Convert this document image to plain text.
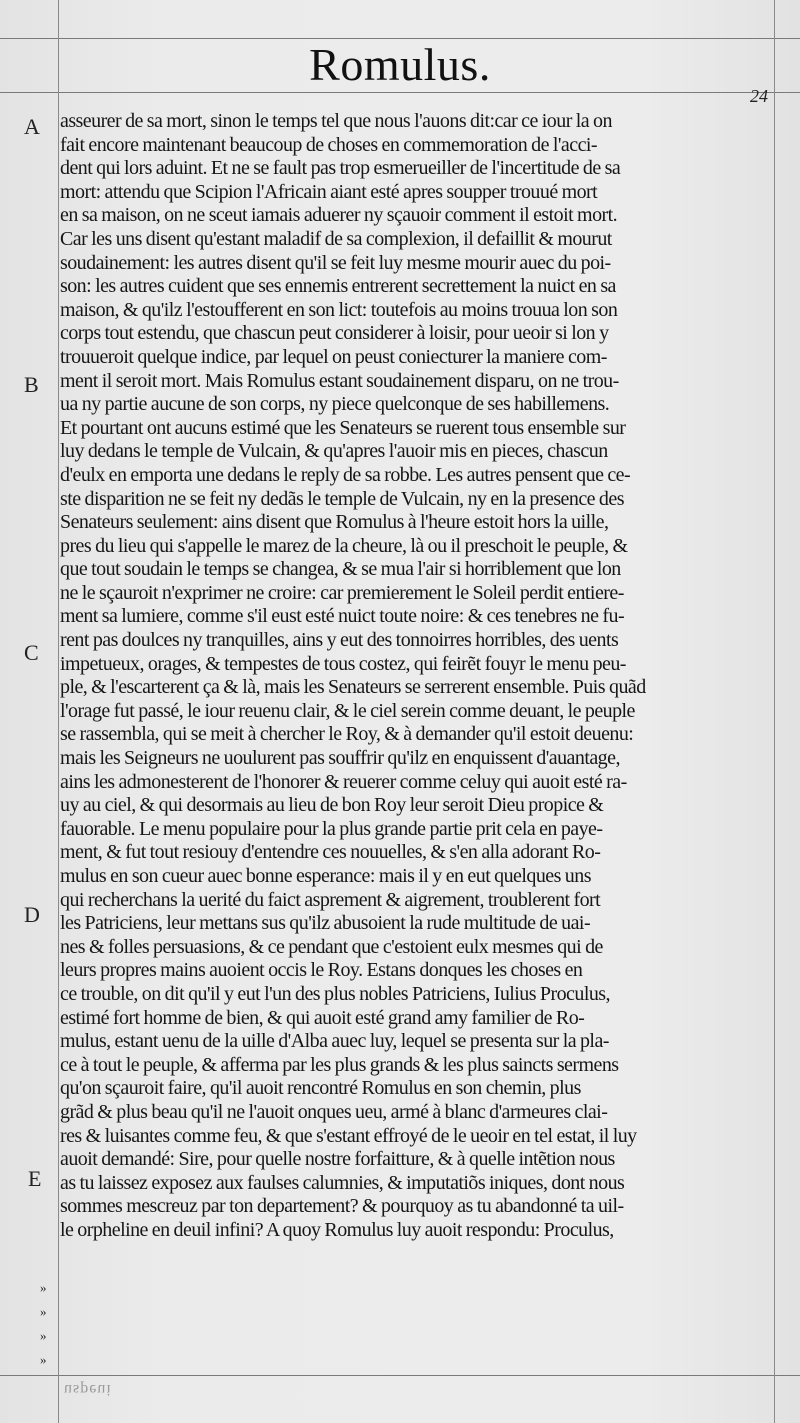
Romulus.
24
A
B
C
D
E
»
»
»
»
asseurer de sa mort, sinon le temps tel que nous l'auons dit:car ce iour la on
fait encore maintenant beaucoup de choses en commemoration de l'acci-
dent qui lors aduint. Et ne se fault pas trop esmerueiller de l'incertitude de sa
mort: attendu que Scipion l'Africain aiant esté apres soupper trouué mort
en sa maison, on ne sceut iamais aduerer ny sçauoir comment il estoit mort.
Car les uns disent qu'estant maladif de sa complexion, il defaillit & mourut
soudainement: les autres disent qu'il se feit luy mesme mourir auec du poi-
son: les autres cuident que ses ennemis entrerent secrettement la nuict en sa
maison, & qu'ilz l'estoufferent en son lict: toutefois au moins trouua lon son
corps tout estendu, que chascun peut considerer à loisir, pour ueoir si lon y
trouueroit quelque indice, par lequel on peust coniecturer la maniere com-
ment il seroit mort. Mais Romulus estant soudainement disparu, on ne trou-
ua ny partie aucune de son corps, ny piece quelconque de ses habillemens.
Et pourtant ont aucuns estimé que les Senateurs se ruerent tous ensemble sur
luy dedans le temple de Vulcain, & qu'apres l'auoir mis en pieces, chascun
d'eulx en emporta une dedans le reply de sa robbe. Les autres pensent que ce-
ste disparition ne se feit ny dedãs le temple de Vulcain, ny en la presence des
Senateurs seulement: ains disent que Romulus à l'heure estoit hors la uille,
pres du lieu qui s'appelle le marez de la cheure, là ou il preschoit le peuple, &
que tout soudain le temps se changea, & se mua l'air si horriblement que lon
ne le sçauroit n'exprimer ne croire: car premierement le Soleil perdit entiere-
ment sa lumiere, comme s'il eust esté nuict toute noire: & ces tenebres ne fu-
rent pas doulces ny tranquilles, ains y eut des tonnoirres horribles, des uents
impetueux, orages, & tempestes de tous costez, qui feirẽt fouyr le menu peu-
ple, & l'escarterent ça & là, mais les Senateurs se serrerent ensemble. Puis quãd
l'orage fut passé, le iour reuenu clair, & le ciel serein comme deuant, le peuple
se rassembla, qui se meit à chercher le Roy, & à demander qu'il estoit deuenu:
mais les Seigneurs ne uoulurent pas souffrir qu'ilz en enquissent d'auantage,
ains les admonesterent de l'honorer & reuerer comme celuy qui auoit esté ra-
uy au ciel, & qui desormais au lieu de bon Roy leur seroit Dieu propice &
fauorable. Le menu populaire pour la plus grande partie prit cela en paye-
ment, & fut tout resiouy d'entendre ces nouuelles, & s'en alla adorant Ro-
mulus en son cueur auec bonne esperance: mais il y en eut quelques uns
qui recherchans la uerité du faict asprement & aigrement, troublerent fort
les Patriciens, leur mettans sus qu'ilz abusoient la rude multitude de uai-
nes & folles persuasions, & ce pendant que c'estoient eulx mesmes qui de
leurs propres mains auoient occis le Roy. Estans donques les choses en
ce trouble, on dit qu'il y eut l'un des plus nobles Patriciens, Iulius Proculus,
estimé fort homme de bien, & qui auoit esté grand amy familier de Ro-
mulus, estant uenu de la uille d'Alba auec luy, lequel se presenta sur la pla-
ce à tout le peuple, & afferma par les plus grands & les plus saincts sermens
qu'on sçauroit faire, qu'il auoit rencontré Romulus en son chemin, plus
grãd & plus beau qu'il ne l'auoit onques ueu, armé à blanc d'armeures clai-
res & luisantes comme feu, & que s'estant effroyé de le ueoir en tel estat, il luy
auoit demandé: Sire, pour quelle nostre forfaitture, & à quelle intẽtion nous
as tu laissez exposez aux faulses calumnies, & imputatiõs iniques, dont nous
sommes mescreuz par ton departement? & pourquoy as tu abandonné ta uil-
le orpheline en deuil infini? A quoy Romulus luy auoit respondu: Proculus,
uspeui
